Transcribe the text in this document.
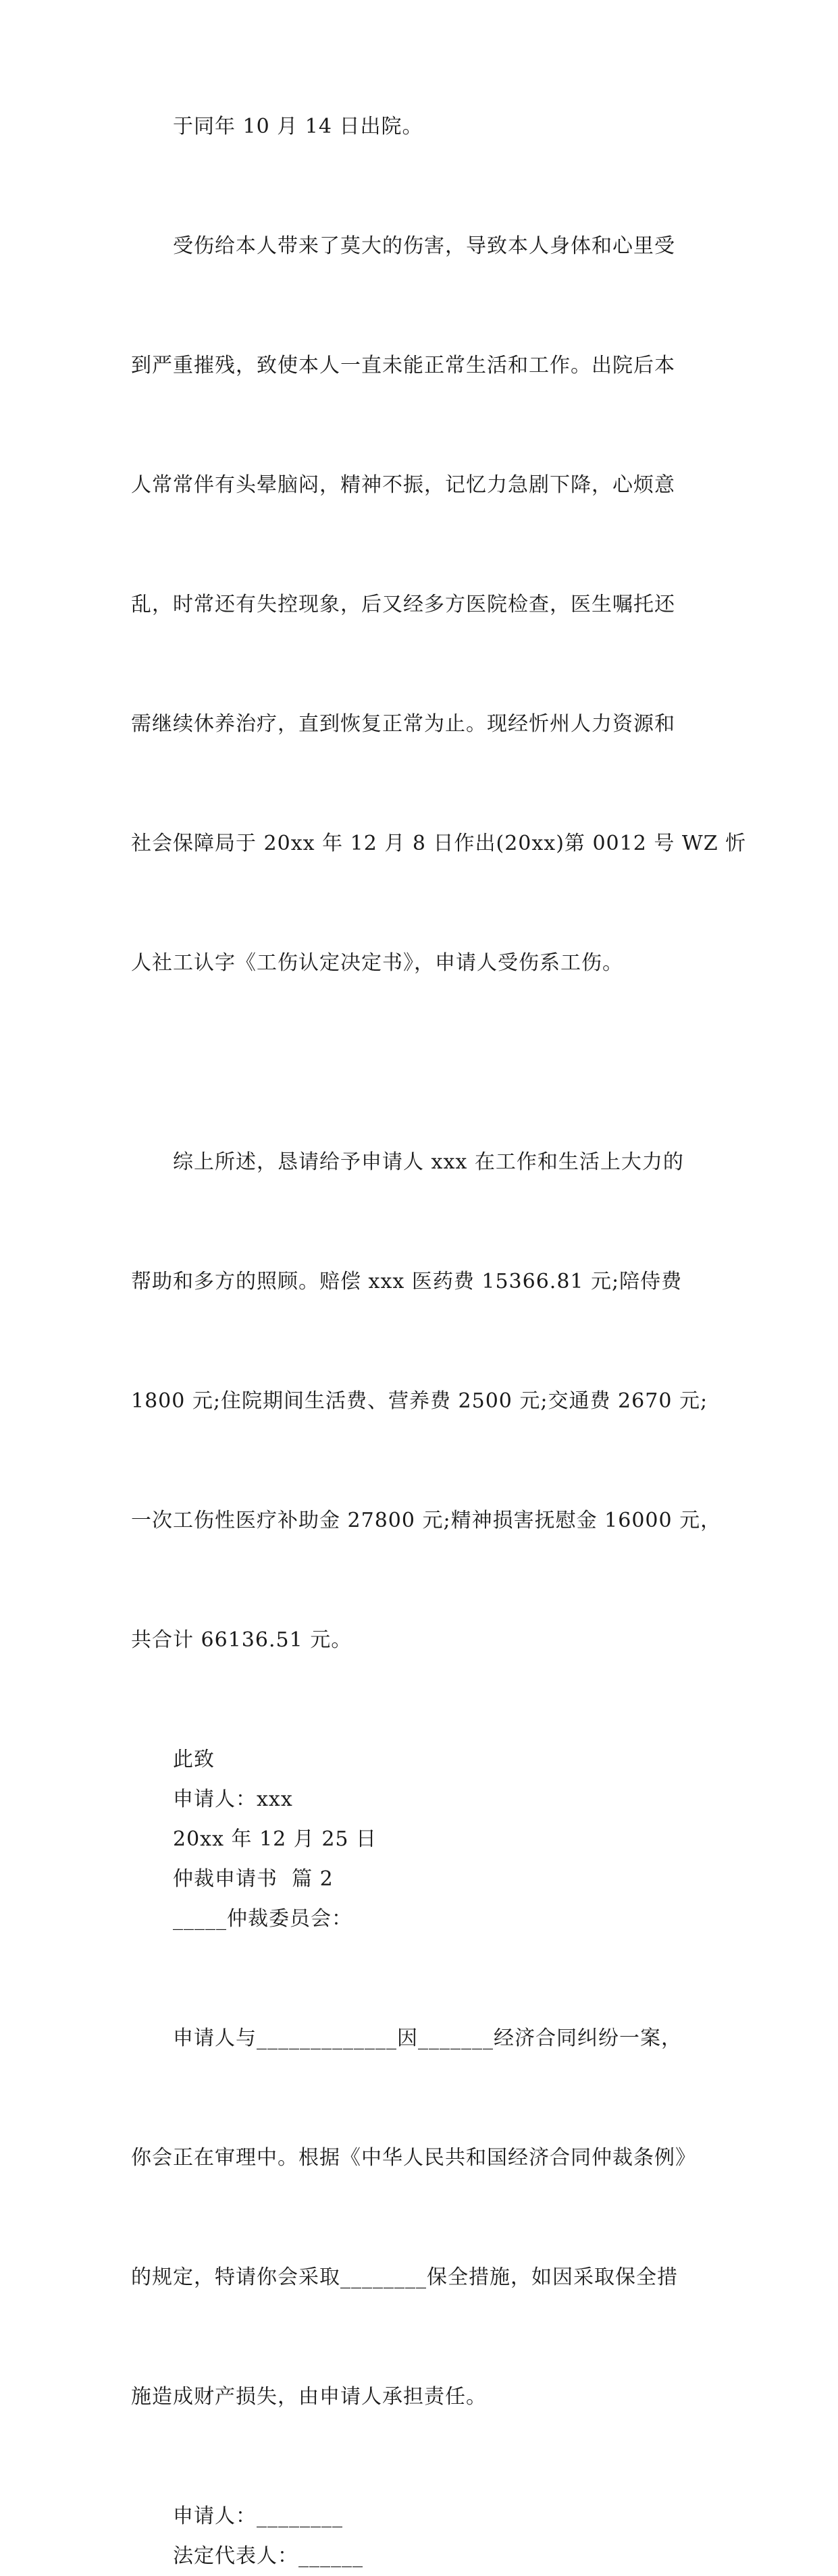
于同年 10 月 14 日出院。

受伤给本人带来了莫大的伤害，导致本人身体和心里受

到严重摧残，致使本人一直未能正常生活和工作。出院后本

人常常伴有头晕脑闷，精神不振，记忆力急剧下降，心烦意

乱，时常还有失控现象，后又经多方医院检查，医生嘱托还

需继续休养治疗，直到恢复正常为止。现经忻州人力资源和

社会保障局于 20xx 年 12 月 8 日作出(20xx)第 0012 号 WZ 忻

人社工认字《工伤认定决定书》，申请人受伤系工伤。

综上所述，恳请给予申请人 xxx 在工作和生活上大力的

帮助和多方的照顾。赔偿 xxx 医药费 15366.81 元;陪侍费

1800 元;住院期间生活费、营养费 2500 元;交通费 2670 元;

一次工伤性医疗补助金 27800 元;精神损害抚慰金 16000 元，

共合计 66136.51 元。

此致

申请人：xxx

20xx 年 12 月 25 日

仲裁申请书  篇 2

_____仲裁委员会：

申请人与_____________因_______经济合同纠纷一案，

你会正在审理中。根据《中华人民共和国经济合同仲裁条例》

的规定，特请你会采取________保全措施，如因采取保全措

施造成财产损失，由申请人承担责任。

申请人：________

法定代表人：______
